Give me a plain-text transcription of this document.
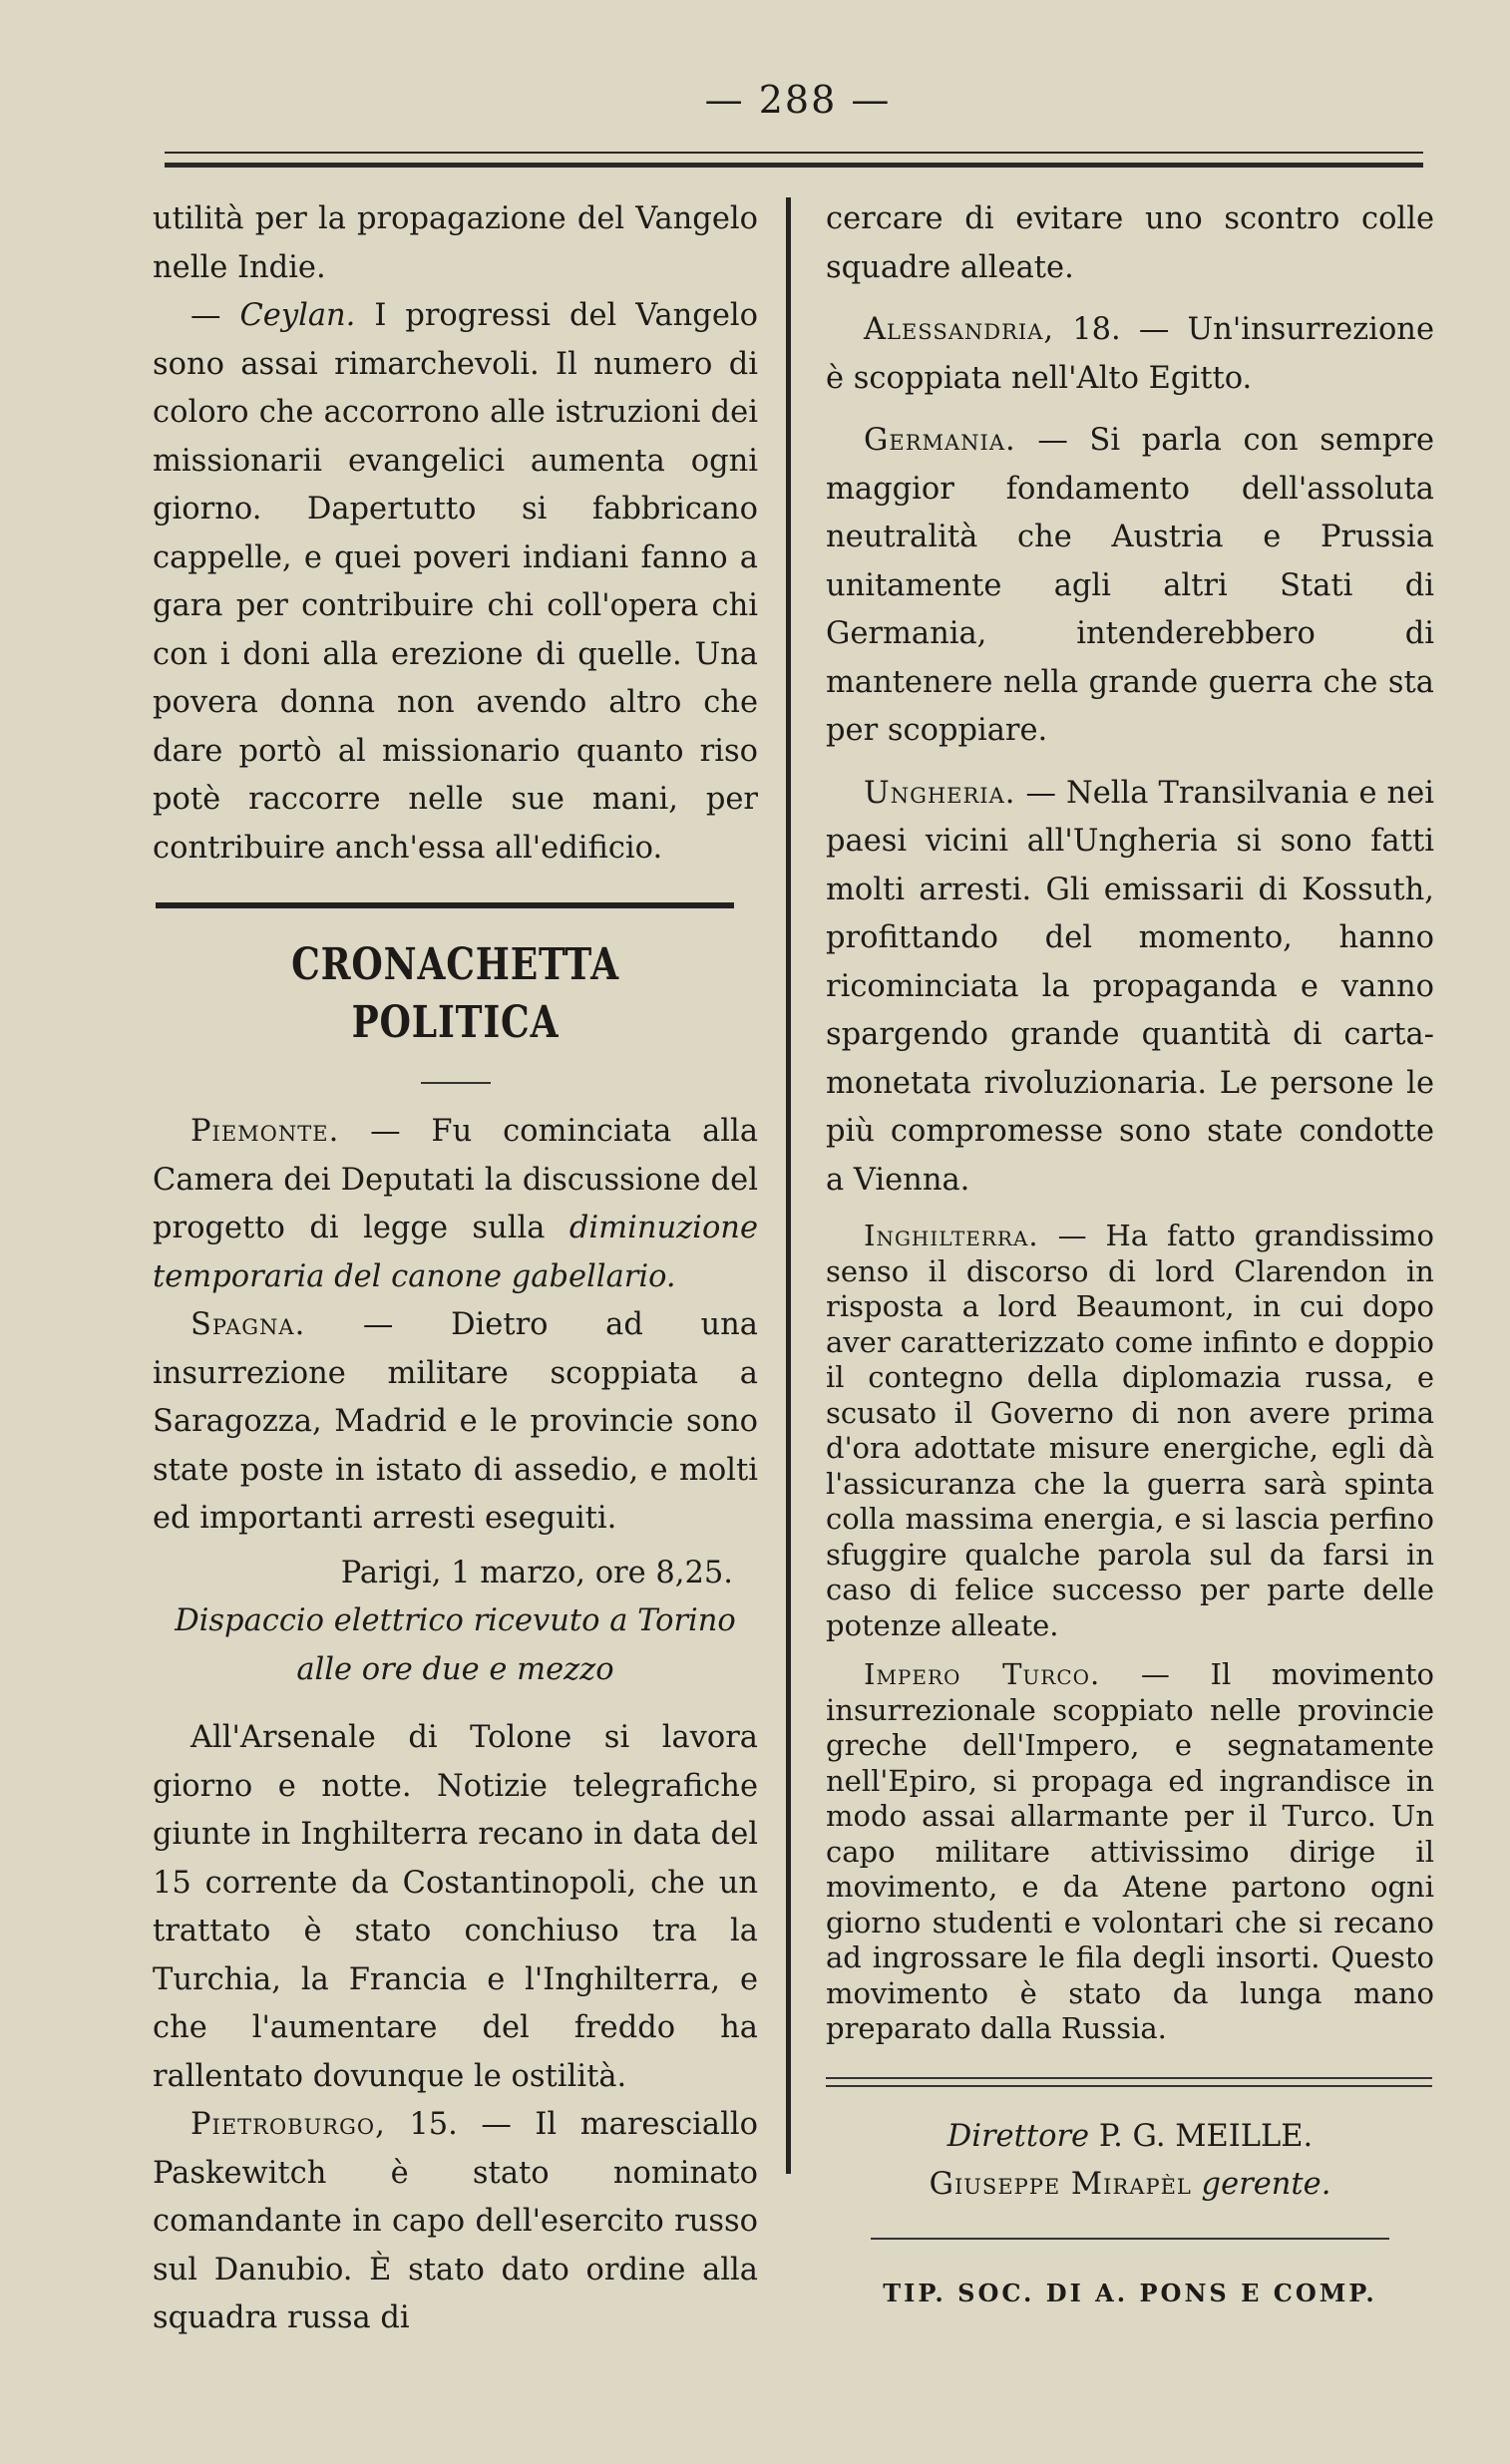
— 288 —

utilità per la propagazione del Vangelo nelle Indie.

— Ceylan. I progressi del Vangelo sono assai rimarchevoli. Il numero di coloro che accorrono alle istruzioni dei missionarii evangelici aumenta ogni giorno. Dapertutto si fabbricano cappelle, e quei poveri indiani fanno a gara per contribuire chi coll'opera chi con i doni alla erezione di quelle. Una povera donna non avendo altro che dare portò al missionario quanto riso potè raccorre nelle sue mani, per contribuire anch'essa all'edificio.

CRONACHETTA POLITICA

Piemonte. — Fu cominciata alla Camera dei Deputati la discussione del progetto di legge sulla diminuzione temporaria del canone gabellario.

Spagna. — Dietro ad una insurrezione militare scoppiata a Saragozza, Madrid e le provincie sono state poste in istato di assedio, e molti ed importanti arresti eseguiti.

Parigi, 1 marzo, ore 8,25.

Dispaccio elettrico ricevuto a Torino
alle ore due e mezzo

All'Arsenale di Tolone si lavora giorno e notte. Notizie telegrafiche giunte in Inghilterra recano in data del 15 corrente da Costantinopoli, che un trattato è stato conchiuso tra la Turchia, la Francia e l'Inghilterra, e che l'aumentare del freddo ha rallentato dovunque le ostilità.

Pietroburgo, 15. — Il maresciallo Paskewitch è stato nominato comandante in capo dell'esercito russo sul Danubio. È stato dato ordine alla squadra russa di

cercare di evitare uno scontro colle squadre alleate.

Alessandria, 18. — Un'insurrezione è scoppiata nell'Alto Egitto.

Germania. — Si parla con sempre maggior fondamento dell'assoluta neutralità che Austria e Prussia unitamente agli altri Stati di Germania, intenderebbero di mantenere nella grande guerra che sta per scoppiare.

Ungheria. — Nella Transilvania e nei paesi vicini all'Ungheria si sono fatti molti arresti. Gli emissarii di Kossuth, profittando del momento, hanno ricominciata la propaganda e vanno spargendo grande quantità di carta-monetata rivoluzionaria. Le persone le più compromesse sono state condotte a Vienna.

Inghilterra. — Ha fatto grandissimo senso il discorso di lord Clarendon in risposta a lord Beaumont, in cui dopo aver caratterizzato come infinto e doppio il contegno della diplomazia russa, e scusato il Governo di non avere prima d'ora adottate misure energiche, egli dà l'assicuranza che la guerra sarà spinta colla massima energia, e si lascia perfino sfuggire qualche parola sul da farsi in caso di felice successo per parte delle potenze alleate.

Impero Turco. — Il movimento insurrezionale scoppiato nelle provincie greche dell'Impero, e segnatamente nell'Epiro, si propaga ed ingrandisce in modo assai allarmante per il Turco. Un capo militare attivissimo dirige il movimento, e da Atene partono ogni giorno studenti e volontari che si recano ad ingrossare le fila degli insorti. Questo movimento è stato da lunga mano preparato dalla Russia.

Direttore P. G. MEILLE.

Giuseppe Mirapèl gerente.

TIP. SOC. DI A. PONS E COMP.
